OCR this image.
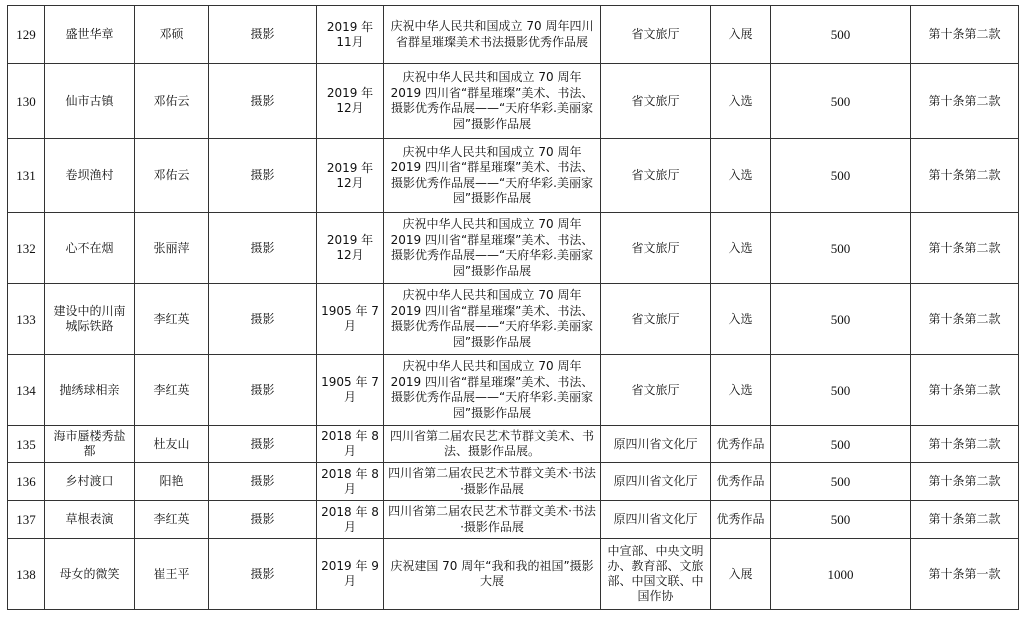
129	盛世华章	邓硕	摄影	2019 年 11月	庆祝中华人民共和国成立 70 周年四川省群星璀璨美术书法摄影优秀作品展	省文旅厅	入展	500	第十条第二款
130	仙市古镇	邓佑云	摄影	2019 年 12月	庆祝中华人民共和国成立 70 周年 2019 四川省“群星璀璨”美术、书法、摄影优秀作品展——“天府华彩.美丽家园”摄影作品展	省文旅厅	入选	500	第十条第二款
131	卷坝渔村	邓佑云	摄影	2019 年 12月	庆祝中华人民共和国成立 70 周年 2019 四川省“群星璀璨”美术、书法、摄影优秀作品展——“天府华彩.美丽家园”摄影作品展	省文旅厅	入选	500	第十条第二款
132	心不在烟	张丽萍	摄影	2019 年 12月	庆祝中华人民共和国成立 70 周年 2019 四川省“群星璀璨”美术、书法、摄影优秀作品展——“天府华彩.美丽家园”摄影作品展	省文旅厅	入选	500	第十条第二款
133	建设中的川南城际铁路	李红英	摄影	1905 年 7月	庆祝中华人民共和国成立 70 周年 2019 四川省“群星璀璨”美术、书法、摄影优秀作品展——“天府华彩.美丽家园”摄影作品展	省文旅厅	入选	500	第十条第二款
134	抛绣球相亲	李红英	摄影	1905 年 7月	庆祝中华人民共和国成立 70 周年 2019 四川省“群星璀璨”美术、书法、摄影优秀作品展——“天府华彩.美丽家园”摄影作品展	省文旅厅	入选	500	第十条第二款
135	海市蜃楼秀盐都	杜友山	摄影	2018 年 8月	四川省第二届农民艺术节群文美术、书法、摄影作品展。	原四川省文化厅	优秀作品	500	第十条第二款
136	乡村渡口	阳艳	摄影	2018 年 8月	四川省第二届农民艺术节群文美术·书法·摄影作品展	原四川省文化厅	优秀作品	500	第十条第二款
137	草根表演	李红英	摄影	2018 年 8月	四川省第二届农民艺术节群文美术·书法·摄影作品展	原四川省文化厅	优秀作品	500	第十条第二款
138	母女的微笑	崔王平	摄影	2019 年 9月	庆祝建国 70 周年“我和我的祖国”摄影大展	中宣部、中央文明办、教育部、文旅部、中国文联、中国作协	入展	1000	第十条第一款
